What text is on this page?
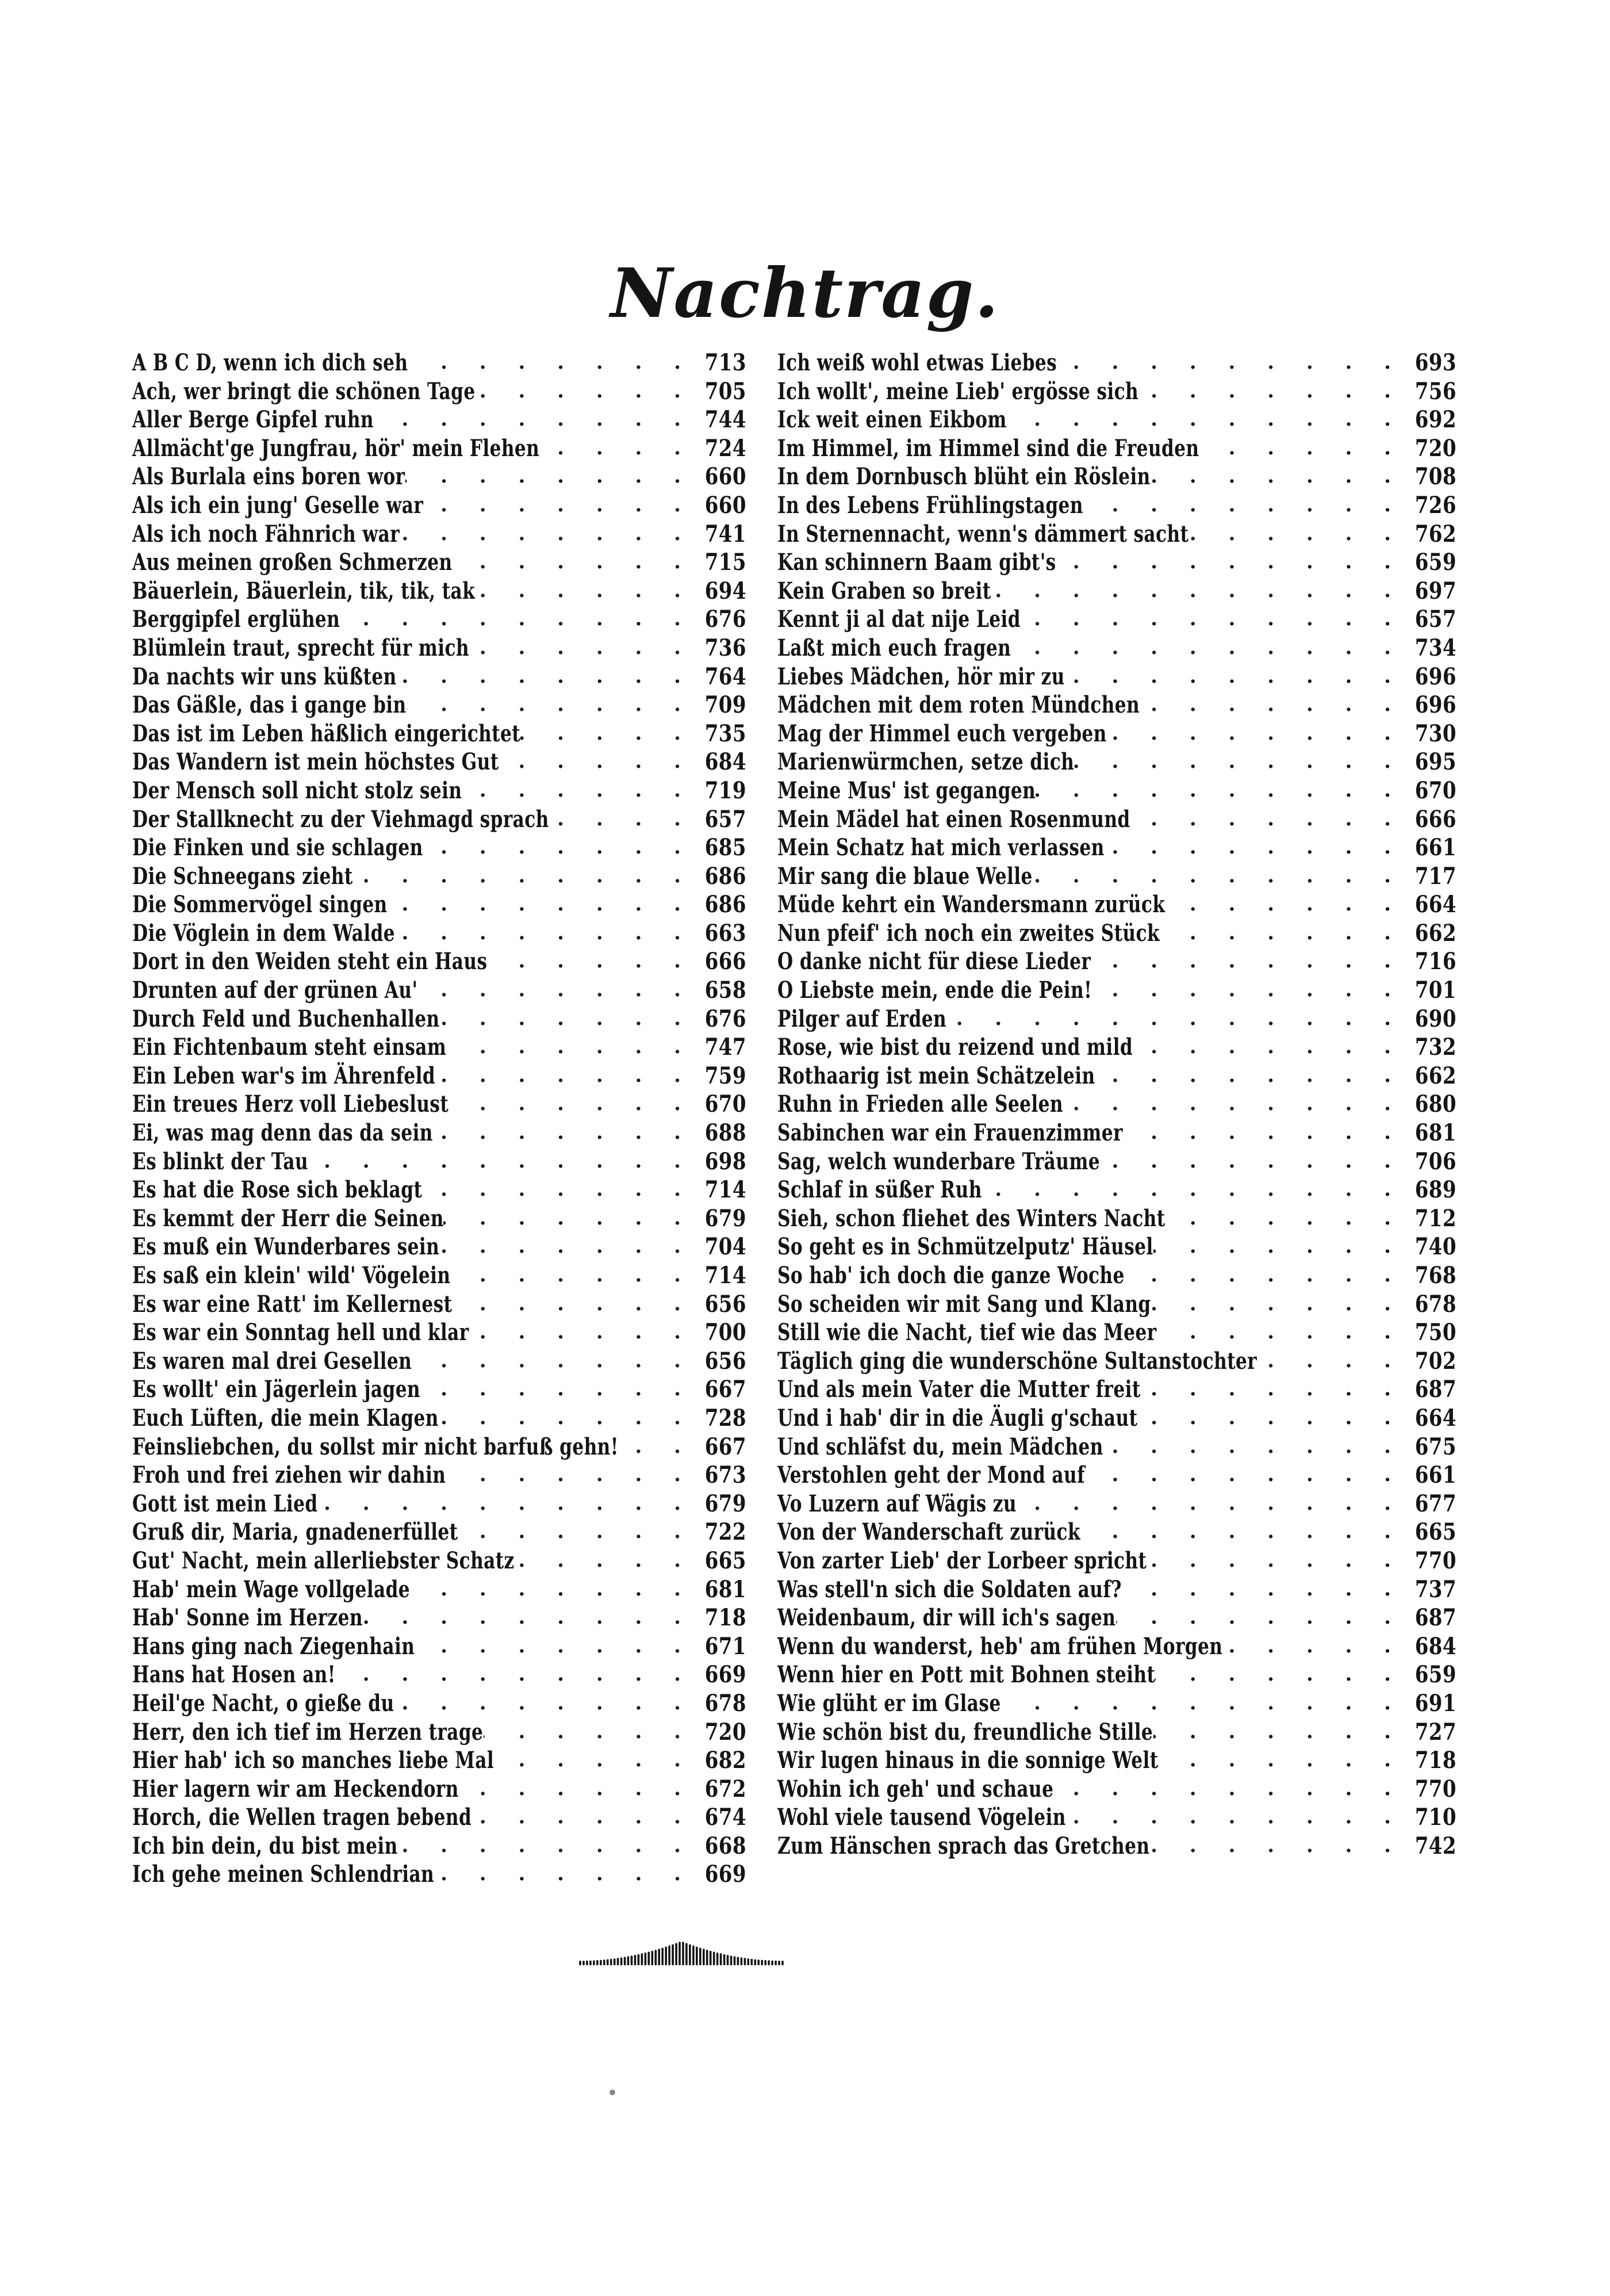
Nachtrag.
A B C D, wenn ich dich seh . . .	713
Ach, wer bringt die schönen Tage . . .	705
Aller Berge Gipfel ruhn . . .	744
Allmächt'ge Jungfrau, hör' mein Flehen . . .	724
Als Burlala eins boren wor . . .	660
Als ich ein jung' Geselle war . . .	660
Als ich noch Fähnrich war . . .	741
Aus meinen großen Schmerzen . . .	715
Bäuerlein, Bäuerlein, tik, tik, tak . . .	694
Berggipfel erglühen . . .	676
Blümlein traut, sprecht für mich . . .	736
Da nachts wir uns küßten . . .	764
Das Gäßle, das i gange bin . . .	709
Das ist im Leben häßlich eingerichtet . . .	735
Das Wandern ist mein höchstes Gut . . .	684
Der Mensch soll nicht stolz sein . . .	719
Der Stallknecht zu der Viehmagd sprach . . .	657
Die Finken und sie schlagen . . .	685
Die Schneegans zieht . . .	686
Die Sommervögel singen . . .	686
Die Vöglein in dem Walde . . .	663
Dort in den Weiden steht ein Haus . . .	666
Drunten auf der grünen Au' . . .	658
Durch Feld und Buchenhallen . . .	676
Ein Fichtenbaum steht einsam . . .	747
Ein Leben war's im Ährenfeld . . .	759
Ein treues Herz voll Liebeslust . . .	670
Ei, was mag denn das da sein . . .	688
Es blinkt der Tau . . .	698
Es hat die Rose sich beklagt . . .	714
Es kemmt der Herr die Seinen . . .	679
Es muß ein Wunderbares sein . . .	704
Es saß ein klein' wild' Vögelein . . .	714
Es war eine Ratt' im Kellernest . . .	656
Es war ein Sonntag hell und klar . . .	700
Es waren mal drei Gesellen . . .	656
Es wollt' ein Jägerlein jagen . . .	667
Euch Lüften, die mein Klagen . . .	728
Feinsliebchen, du sollst mir nicht barfuß gehn! . . .	667
Froh und frei ziehen wir dahin . . .	673
Gott ist mein Lied . . .	679
Gruß dir, Maria, gnadenerfüllet . . .	722
Gut' Nacht, mein allerliebster Schatz . . .	665
Hab' mein Wage vollgelade . . .	681
Hab' Sonne im Herzen . . .	718
Hans ging nach Ziegenhain . . .	671
Hans hat Hosen an! . . .	669
Heil'ge Nacht, o gieße du . . .	678
Herr, den ich tief im Herzen trage . . .	720
Hier hab' ich so manches liebe Mal . . .	682
Hier lagern wir am Heckendorn . . .	672
Horch, die Wellen tragen bebend . . .	674
Ich bin dein, du bist mein . . .	668
Ich gehe meinen Schlendrian . . .	669
Ich weiß wohl etwas Liebes . . .	693
Ich wollt', meine Lieb' ergösse sich . . .	756
Ick weit einen Eikbom . . .	692
Im Himmel, im Himmel sind die Freuden . . .	720
In dem Dornbusch blüht ein Röslein . . .	708
In des Lebens Frühlingstagen . . .	726
In Sternennacht, wenn's dämmert sacht . . .	762
Kan schinnern Baam gibt's . . .	659
Kein Graben so breit . . .	697
Kennt ji al dat nije Leid . . .	657
Laßt mich euch fragen . . .	734
Liebes Mädchen, hör mir zu . . .	696
Mädchen mit dem roten Mündchen . . .	696
Mag der Himmel euch vergeben . . .	730
Marienwürmchen, setze dich . . .	695
Meine Mus' ist gegangen . . .	670
Mein Mädel hat einen Rosenmund . . .	666
Mein Schatz hat mich verlassen . . .	661
Mir sang die blaue Welle . . .	717
Müde kehrt ein Wandersmann zurück . . .	664
Nun pfeif' ich noch ein zweites Stück . . .	662
O danke nicht für diese Lieder . . .	716
O Liebste mein, ende die Pein! . . .	701
Pilger auf Erden . . .	690
Rose, wie bist du reizend und mild . . .	732
Rothaarig ist mein Schätzelein . . .	662
Ruhn in Frieden alle Seelen . . .	680
Sabinchen war ein Frauenzimmer . . .	681
Sag, welch wunderbare Träume . . .	706
Schlaf in süßer Ruh . . .	689
Sieh, schon fliehet des Winters Nacht . . .	712
So geht es in Schmützelputz' Häusel . . .	740
So hab' ich doch die ganze Woche . . .	768
So scheiden wir mit Sang und Klang . . .	678
Still wie die Nacht, tief wie das Meer . . .	750
Täglich ging die wunderschöne Sultanstochter . . .	702
Und als mein Vater die Mutter freit . . .	687
Und i hab' dir in die Äugli g'schaut . . .	664
Und schläfst du, mein Mädchen . . .	675
Verstohlen geht der Mond auf . . .	661
Vo Luzern auf Wägis zu . . .	677
Von der Wanderschaft zurück . . .	665
Von zarter Lieb' der Lorbeer spricht . . .	770
Was stell'n sich die Soldaten auf? . . .	737
Weidenbaum, dir will ich's sagen . . .	687
Wenn du wanderst, heb' am frühen Morgen . . .	684
Wenn hier en Pott mit Bohnen steiht . . .	659
Wie glüht er im Glase . . .	691
Wie schön bist du, freundliche Stille . . .	727
Wir lugen hinaus in die sonnige Welt . . .	718
Wohin ich geh' und schaue . . .	770
Wohl viele tausend Vögelein . . .	710
Zum Hänschen sprach das Gretchen . . .	742
